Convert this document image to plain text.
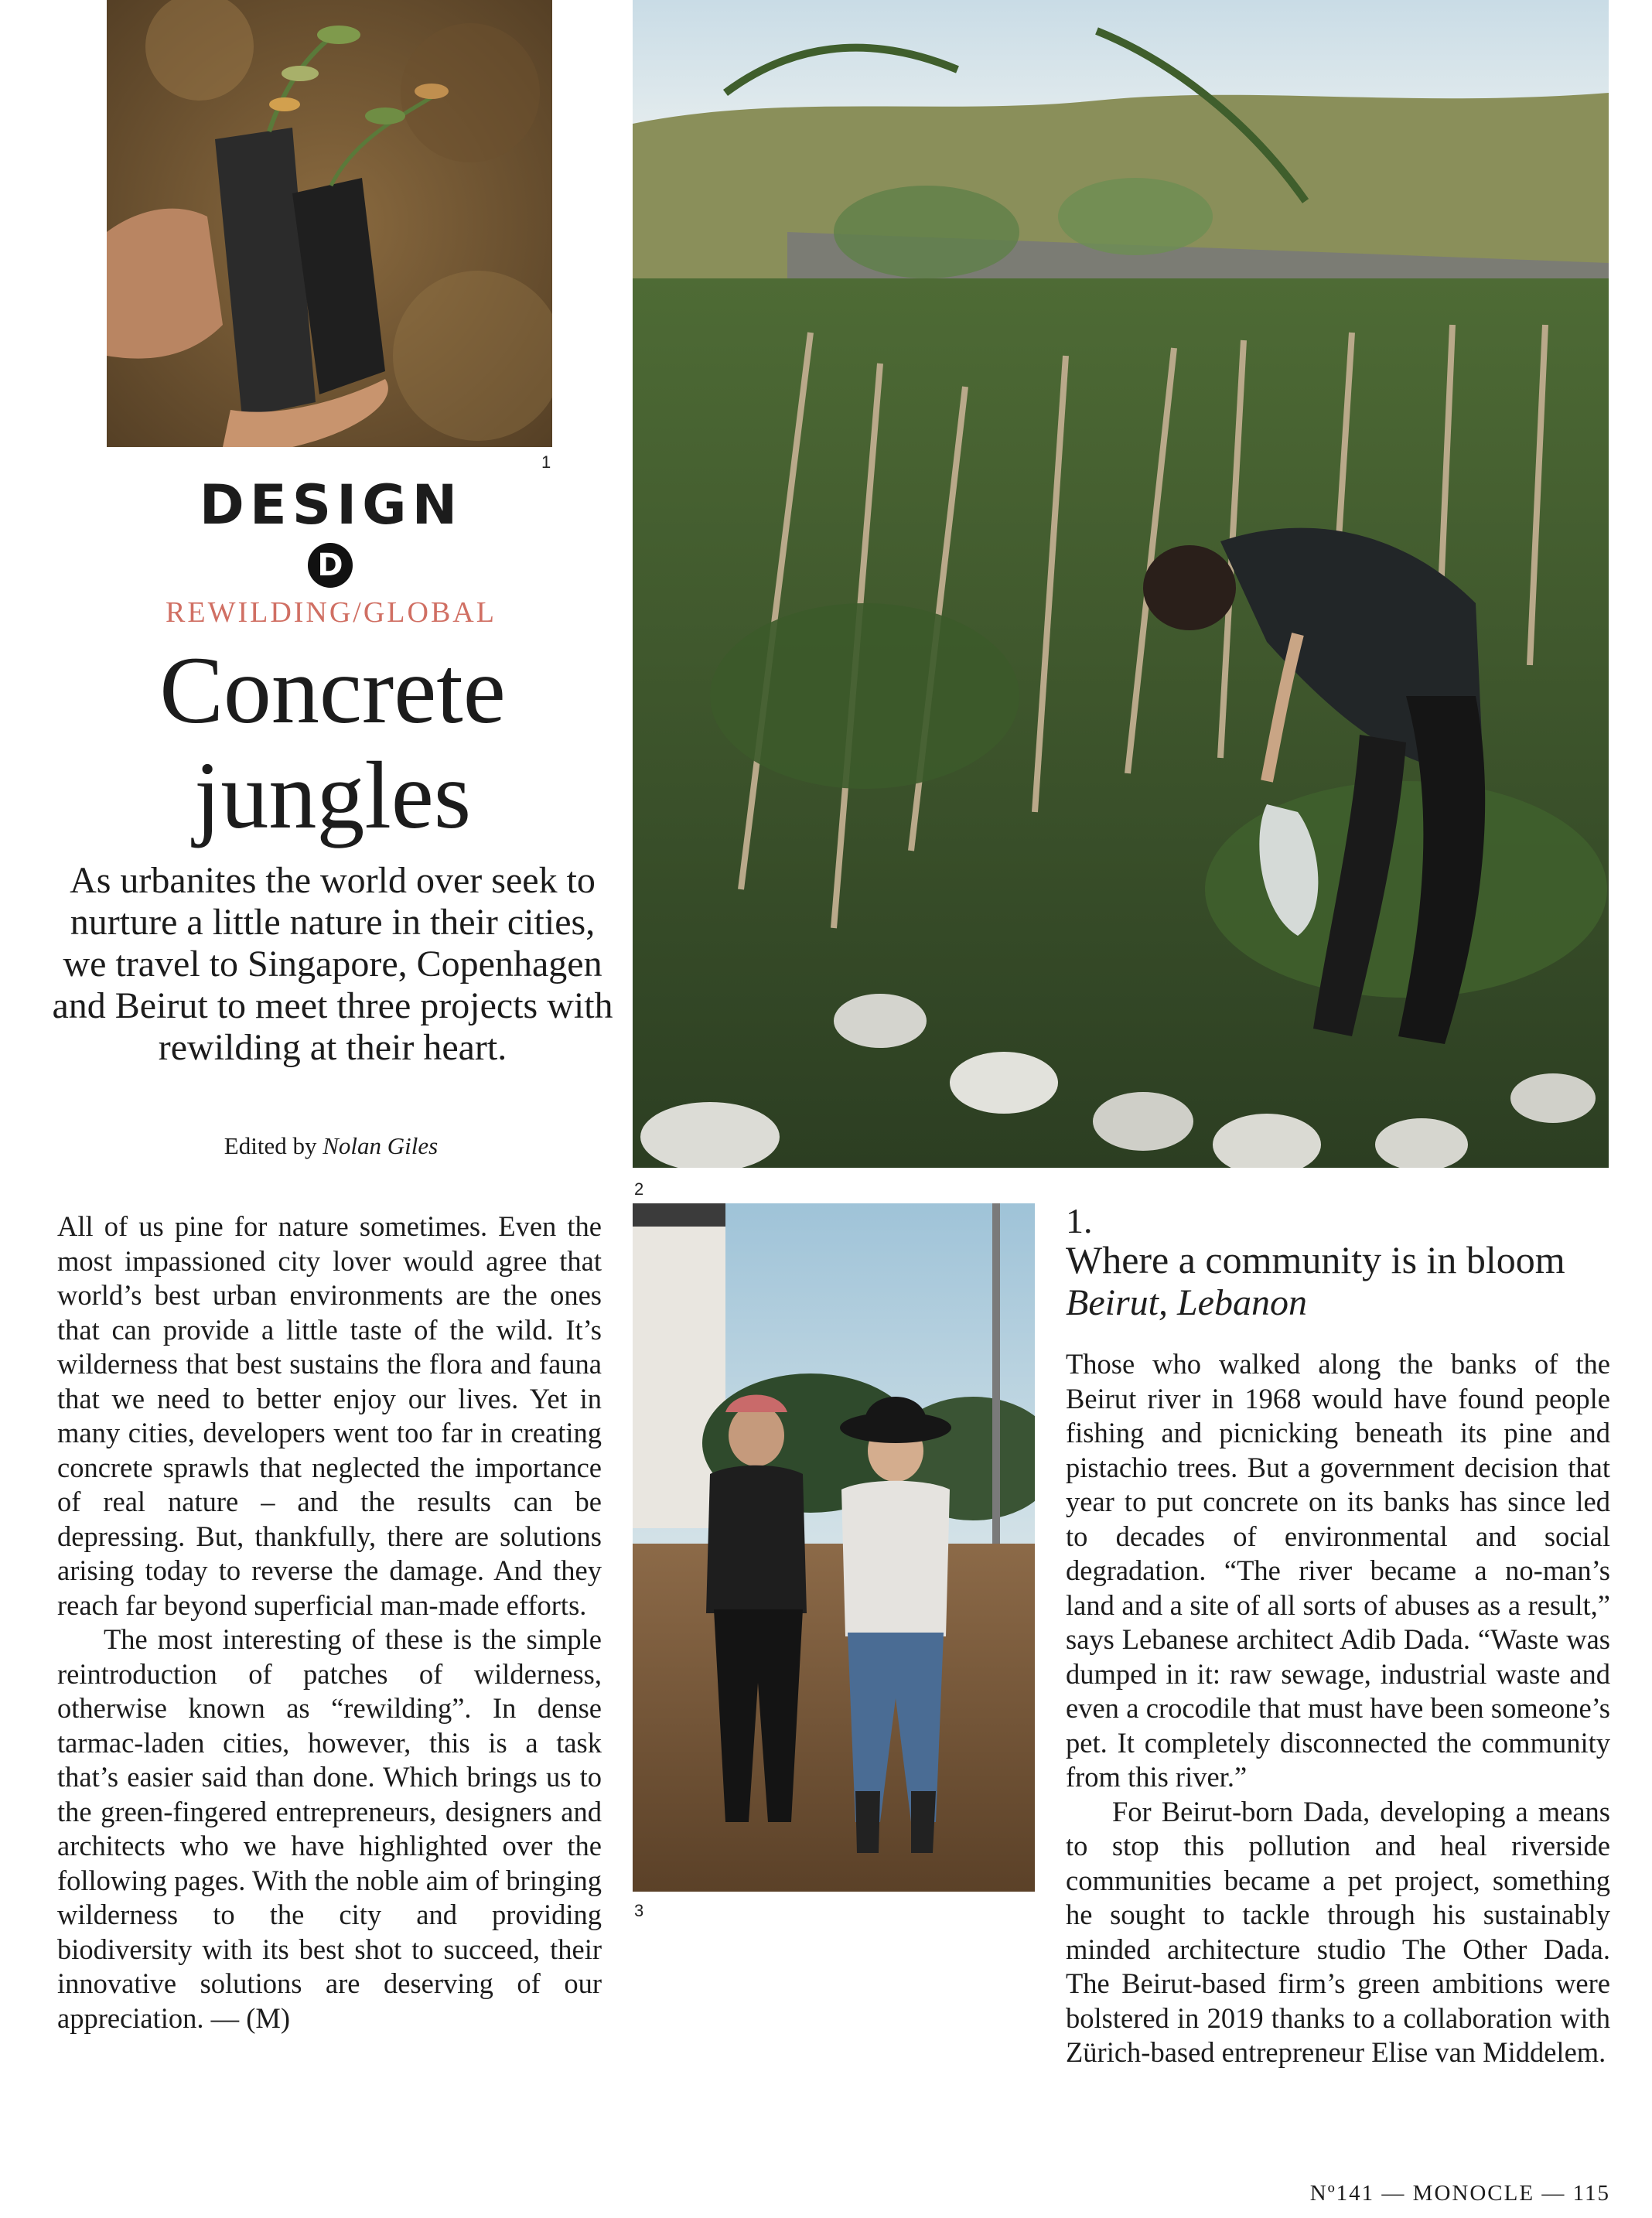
1
2
3
DESIGN
D
REWILDING/GLOBAL
Concrete jungles
As urbanites the world over seek to nurture a little nature in their cities, we travel to Singapore, Copenhagen and Beirut to meet three projects with rewilding at their heart.
Edited by Nolan Giles

All of us pine for nature sometimes. Even the most impassioned city lover would agree that world’s best urban environments are the ones that can provide a little taste of the wild. It’s wilderness that best sustains the flora and fauna that we need to better enjoy our lives. Yet in many cities, developers went too far in creating concrete sprawls that neglected the importance of real nature – and the results can be depressing. But, thankfully, there are solutions arising today to reverse the damage. And they reach far beyond superficial man-made efforts.

The most interesting of these is the simple reintroduction of patches of wilderness, otherwise known as “rewilding”. In dense tarmac-laden cities, however, this is a task that’s easier said than done. Which brings us to the green-fingered entrepreneurs, designers and architects who we have highlighted over the following pages. With the noble aim of bringing wilderness to the city and providing biodiversity with its best shot to succeed, their innovative solutions are deserving of our appreciation. — (M)

1.
Where a community is in bloom
Beirut, Lebanon

Those who walked along the banks of the Beirut river in 1968 would have found people fishing and picnicking beneath its pine and pistachio trees. But a government decision that year to put concrete on its banks has since led to decades of environmental and social degradation. “The river became a no-man’s land and a site of all sorts of abuses as a result,” says Lebanese architect Adib Dada. “Waste was dumped in it: raw sewage, industrial waste and even a crocodile that must have been someone’s pet. It completely disconnected the community from this river.”

For Beirut-born Dada, developing a means to stop this pollution and heal riverside communities became a pet project, something he sought to tackle through his sustainably minded architecture studio The Other Dada. The Beirut-based firm’s green ambitions were bolstered in 2019 thanks to a collaboration with Zürich-based entrepreneur Elise van Middelem.

Nº141 — MONOCLE — 115
